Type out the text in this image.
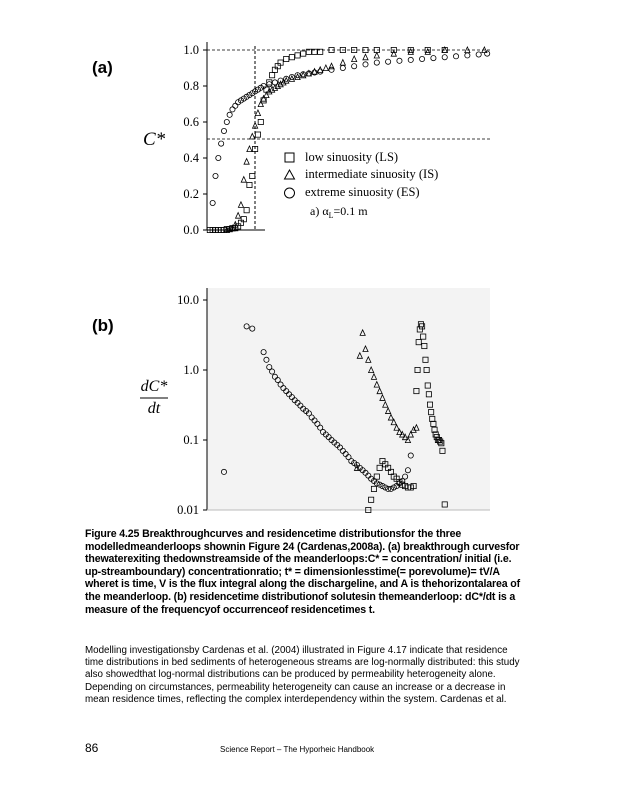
(a)
(b)
0.0
0.2
0.4
0.6
0.8
1.0
C*
low sinuosity (LS)
intermediate sinuosity (IS)
extreme sinuosity (ES)
a) $\alpha_L=0.1$ m
10.0
1.0
0.1
0.01
dC*
dt
Figure 4.25 Breakthroughcurves and residencetime distributionsfor the three modelledmeanderloops shownin Figure 24 (Cardenas,2008a). (a) breakthrough curvesfor thewaterexiting thedownstreamside of the meanderloops:C* = concentration/ initial (i.e. up-streamboundary) concentrationratio; t* = dimensionlesstime(= porevolume)= tV/A wheret is time, V is the flux integral along the dischargeline, and A is thehorizontalarea of the meanderloop. (b) residencetime distributionof solutesin themeanderloop: dC*/dt is a measure of the frequencyof occurrenceof residencetimes t.
Modelling investigationsby Cardenas et al. (2004) illustrated in Figure 4.17 indicate that residence time distributions in bed sediments of heterogeneous streams are log-normally distributed: this study also showedthat log-normal distributions can be produced by permeability heterogeneity alone. Depending on circumstances, permeability heterogeneity can cause an increase or a decrease in mean residence times, reflecting the complex interdependency within the system. Cardenas et al.
86	Science Report – The Hyporheic Handbook
